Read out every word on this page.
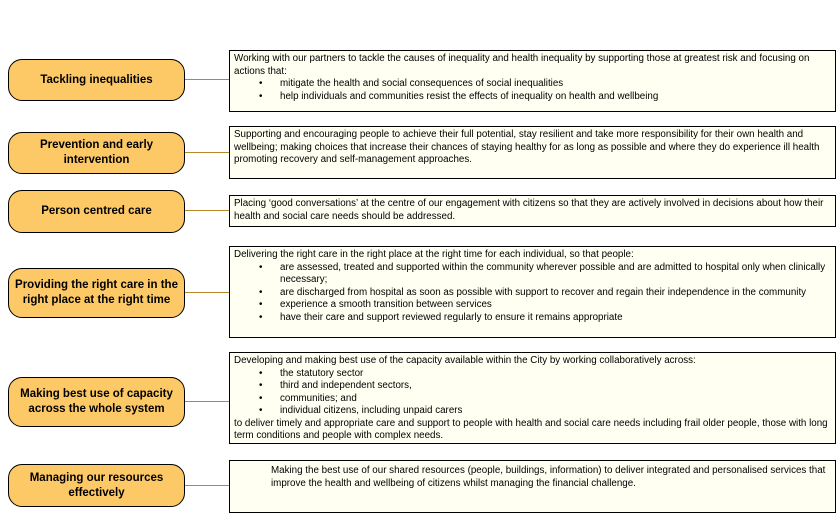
Tackling inequalities

Working with our partners to tackle the causes of inequality and health inequality by supporting those at greatest risk and focusing on actions that:

• mitigate the health and social consequences of social inequalities
• help individuals and communities resist the effects of inequality on health and wellbeing
Prevention and early intervention

Supporting and encouraging people to achieve their full potential, stay resilient and take more responsibility for their own health and wellbeing; making choices that increase their chances of staying healthy for as long as possible and where they do experience ill health promoting recovery and self-management approaches.

Person centred care

Placing ‘good conversations’ at the centre of our engagement with citizens so that they are actively involved in decisions about how their health and social care needs should be addressed.

Providing the right care in the right place at the right time

Delivering the right care in the right place at the right time for each individual, so that people:

• are assessed, treated and supported within the community wherever possible and are admitted to hospital only when clinically necessary;
• are discharged from hospital as soon as possible with support to recover and regain their independence in the community
• experience a smooth transition between services
• have their care and support reviewed regularly to ensure it remains appropriate
Making best use of capacity across the whole system

Developing and making best use of the capacity available within the City by working collaboratively across:

• the statutory sector
• third and independent sectors,
• communities; and
• individual citizens, including unpaid carers

to deliver timely and appropriate care and support to people with health and social care needs including frail older people, those with long term conditions and people with complex needs.

Managing our resources effectively

Making the best use of our shared resources (people, buildings, information) to deliver integrated and personalised services that improve the health and wellbeing of citizens whilst managing the financial challenge.
